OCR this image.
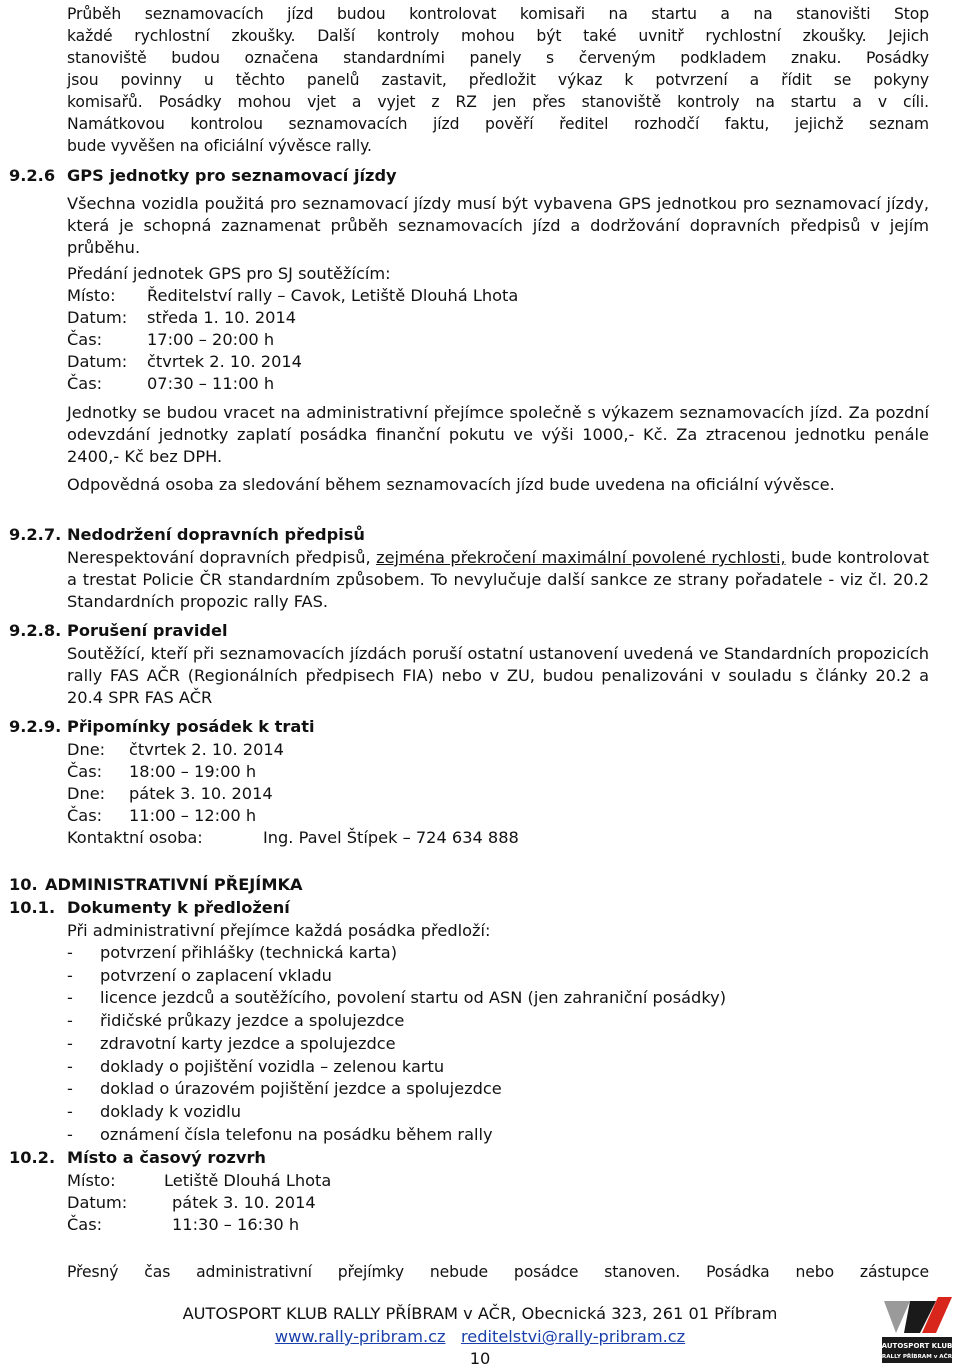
Průběh seznamovacích jízd budou kontrolovat komisaři na startu a na stanovišti Stop
každé rychlostní zkoušky. Další kontroly mohou být také uvnitř rychlostní zkoušky. Jejich
stanoviště budou označena standardními panely s červeným podkladem znaku. Posádky
jsou povinny u těchto panelů zastavit, předložit výkaz k potvrzení a řídit se pokyny
komisařů. Posádky mohou vjet a vyjet z RZ jen přes stanoviště kontroly na startu a v cíli.
Namátkovou kontrolou seznamovacích jízd pověří ředitel rozhodčí faktu, jejichž seznam
bude vyvěšen na oficiální vývěsce rally.
9.2.6 GPS jednotky pro seznamovací jízdy
Všechna vozidla použitá pro seznamovací jízdy musí být vybavena GPS jednotkou pro seznamovací jízdy, která je schopná zaznamenat průběh seznamovacích jízd a dodržování dopravních předpisů v jejím průběhu.
Předání jednotek GPS pro SJ soutěžícím:
Místo: Ředitelství rally – Cavok, Letiště Dlouhá Lhota
Datum: středa 1. 10. 2014
Čas:	17:00 – 20:00 h
Datum: čtvrtek 2. 10. 2014
Čas:	07:30 – 11:00 h
Jednotky se budou vracet na administrativní přejímce společně s výkazem seznamovacích jízd. Za pozdní odevzdání jednotky zaplatí posádka finanční pokutu ve výši 1000,- Kč. Za ztracenou jednotku penále 2400,- Kč bez DPH.
Odpovědná osoba za sledování během seznamovacích jízd bude uvedena na oficiální vývěsce.
9.2.7. Nedodržení dopravních předpisů
Nerespektování dopravních předpisů, zejména překročení maximální povolené rychlosti, bude kontrolovat a trestat Policie ČR standardním způsobem. To nevylučuje další sankce ze strany pořadatele - viz čl. 20.2 Standardních propozic rally FAS.
9.2.8. Porušení pravidel
Soutěžící, kteří při seznamovacích jízdách poruší ostatní ustanovení uvedená ve Standardních propozicích rally FAS AČR (Regionálních předpisech FIA) nebo v ZU, budou penalizováni v souladu s články 20.2 a 20.4 SPR FAS AČR
9.2.9. Připomínky posádek k trati
Dne: čtvrtek 2. 10. 2014
Čas: 18:00 – 19:00 h
Dne: pátek 3. 10. 2014
Čas: 11:00 – 12:00 h
Kontaktní osoba:	Ing. Pavel Štípek – 724 634 888
10. ADMINISTRATIVNÍ PŘEJÍMKA
10.1. Dokumenty k předložení
Při administrativní přejímce každá posádka předloží:
- potvrzení přihlášky (technická karta)
- potvrzení o zaplacení vkladu
- licence jezdců a soutěžícího, povolení startu od ASN (jen zahraniční posádky)
- řidičské průkazy jezdce a spolujezdce
- zdravotní karty jezdce a spolujezdce
- doklady o pojištění vozidla – zelenou kartu
- doklad o úrazovém pojištění jezdce a spolujezdce
- doklady k vozidlu
- oznámení čísla telefonu na posádku během rally
10.2. Místo a časový rozvrh
Místo:	Letiště Dlouhá Lhota
Datum:	pátek 3. 10. 2014
Čas:	11:30 – 16:30 h
Přesný čas administrativní přejímky nebude posádce stanoven. Posádka nebo zástupce
AUTOSPORT KLUB RALLY PŘÍBRAM v AČR, Obecnická 323, 261 01 Příbram
www.rally-pribram.cz reditelstvi@rally-pribram.cz
10
AUTOSPORT KLUB
RALLY PŘÍBRAM v AČR
